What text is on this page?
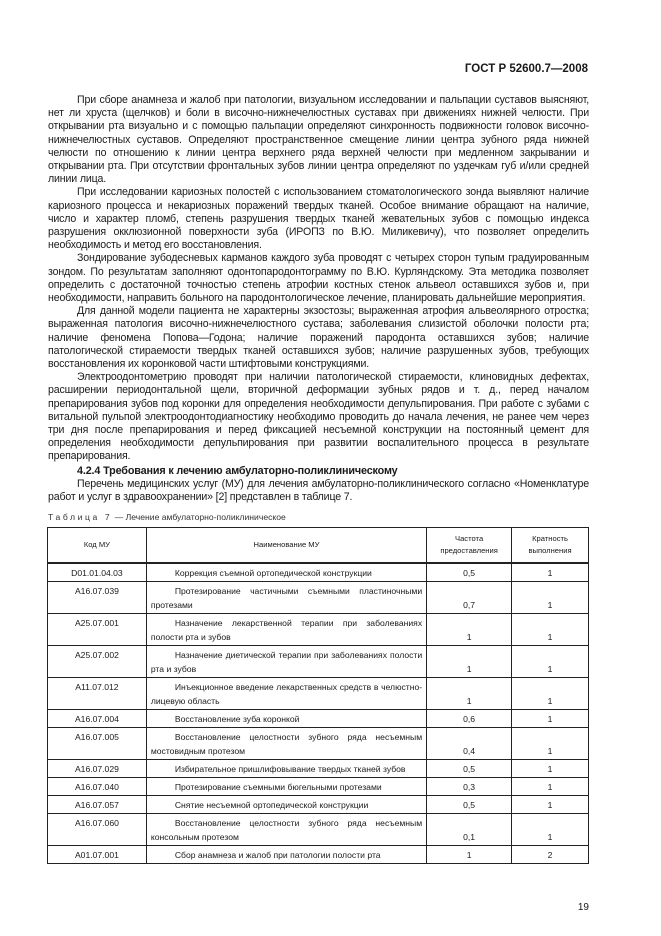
ГОСТ Р 52600.7—2008

При сборе анамнеза и жалоб при патологии, визуальном исследовании и пальпации суставов выясняют, нет ли хруста (щелчков) и боли в височно-нижнечелюстных суставах при движениях нижней челюсти. При открывании рта визуально и с помощью пальпации определяют синхронность подвижности головок височно-нижнечелюстных суставов. Определяют пространственное смещение линии центра зубного ряда нижней челюсти по отношению к линии центра верхнего ряда верхней челюсти при медленном закрывании и открывании рта. При отсутствии фронтальных зубов линии центра определяют по уздечкам губ и/или средней линии лица.

При исследовании кариозных полостей с использованием стоматологического зонда выявляют наличие кариозного процесса и некариозных поражений твердых тканей. Особое внимание обращают на наличие, число и характер пломб, степень разрушения твердых тканей жевательных зубов с помощью индекса разрушения окклюзионной поверхности зуба (ИРОПЗ по В.Ю. Миликевичу), что позволяет определить необходимость и метод его восстановления.

Зондирование зубодесневых карманов каждого зуба проводят с четырех сторон тупым градуированным зондом. По результатам заполняют одонтопародонтограмму по В.Ю. Курляндскому. Эта методика позволяет определить с достаточной точностью степень атрофии костных стенок альвеол оставшихся зубов и, при необходимости, направить больного на пародонтологическое лечение, планировать дальнейшие мероприятия.

Для данной модели пациента не характерны экзостозы; выраженная атрофия альвеолярного отростка; выраженная патология височно-нижнечелюстного сустава; заболевания слизистой оболочки полости рта; наличие феномена Попова—Годона; наличие поражений пародонта оставшихся зубов; наличие патологической стираемости твердых тканей оставшихся зубов; наличие разрушенных зубов, требующих восстановления их коронковой части штифтовыми конструкциями.

Электроодонтометрию проводят при наличии патологической стираемости, клиновидных дефектах, расширении периодонтальной щели, вторичной деформации зубных рядов и т. д., перед началом препарирования зубов под коронки для определения необходимости депульпирования. При работе с зубами с витальной пульпой электроодонтодиагностику необходимо проводить до начала лечения, не ранее чем через три дня после препарирования и перед фиксацией несъемной конструкции на постоянный цемент для определения необходимости депульпирования при развитии воспалительного процесса в результате препарирования.

4.2.4 Требования к лечению амбулаторно-поликлиническому

Перечень медицинских услуг (МУ) для лечения амбулаторно-поликлинического согласно «Номенклатуре работ и услуг в здравоохранении» [2] представлен в таблице 7.

Таблица 7 — Лечение амбулаторно-поликлиническое
Код МУ	Наименование МУ	Частота предоставления	Кратность выполнения
D01.01.04.03	Коррекция съемной ортопедической конструкции	0,5	1
A16.07.039	Протезирование частичными съемными пластиночными протезами	0,7	1
A25.07.001	Назначение лекарственной терапии при заболеваниях полости рта и зубов	1	1
A25.07.002	Назначение диетической терапии при заболеваниях полости рта и зубов	1	1
A11.07.012	Инъекционное введение лекарственных средств в челюстно-лицевую область	1	1
A16.07.004	Восстановление зуба коронкой	0,6	1
A16.07.005	Восстановление целостности зубного ряда несъемным мостовидным протезом	0,4	1
A16.07.029	Избирательное пришлифовывание твердых тканей зубов	0,5	1
A16.07.040	Протезирование съемными бюгельными протезами	0,3	1
A16.07.057	Снятие несъемной ортопедической конструкции	0,5	1
A16.07.060	Восстановление целостности зубного ряда несъемным консольным протезом	0,1	1
A01.07.001	Сбор анамнеза и жалоб при патологии полости рта	1	2
19
